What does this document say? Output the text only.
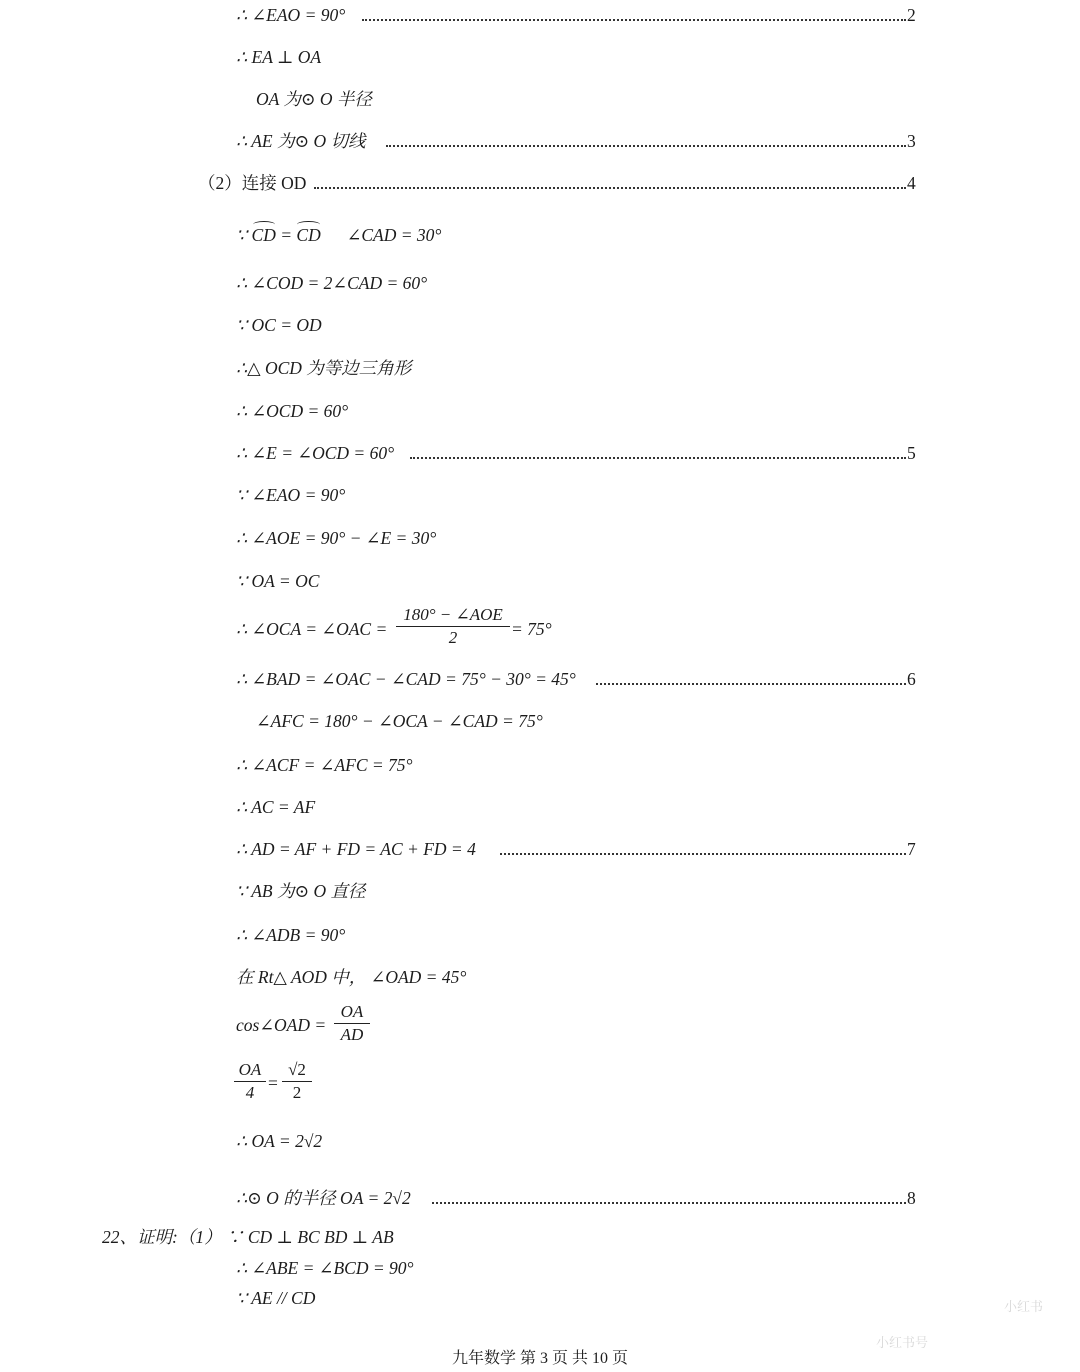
∴ ∠EAO = 90°	2
∴ EA ⊥ OA
OA 为⊙ O 半径
∴ AE 为⊙ O 切线	3
（2）连接 OD	4
∵ CD = CD ∠CAD = 30°
∴ ∠COD = 2∠CAD = 60°
∵ OC = OD
∴△ OCD 为等边三角形
∴ ∠OCD = 60°
∴ ∠E = ∠OCD = 60°	5
∵ ∠EAO = 90°
∴ ∠AOE = 90° − ∠E = 30°
∵ OA = OC
∴ ∠OCA = ∠OAC =
180° − ∠AOE
2	= 75°
∴ ∠BAD = ∠OAC − ∠CAD = 75° − 30° = 45°	6
∠AFC = 180° − ∠OCA − ∠CAD = 75°
∴ ∠ACF = ∠AFC = 75°
∴ AC = AF
∴ AD = AF + FD = AC + FD = 4	7
∵ AB 为⊙ O 直径
∴ ∠ADB = 90°
在 Rt△ AOD 中， ∠OAD = 45°
cos∠OAD =
OA
AD
OA
4 =
√2
2
∴ OA = 2√2
∴⊙ O 的半径 OA = 2√2	8
22、证明:（1） ∵ CD ⊥ BC BD ⊥ AB
∴ ∠ABE = ∠BCD = 90°
∵ AE // CD	小红书
小红书号
九年数学 第 3 页 共 10 页
